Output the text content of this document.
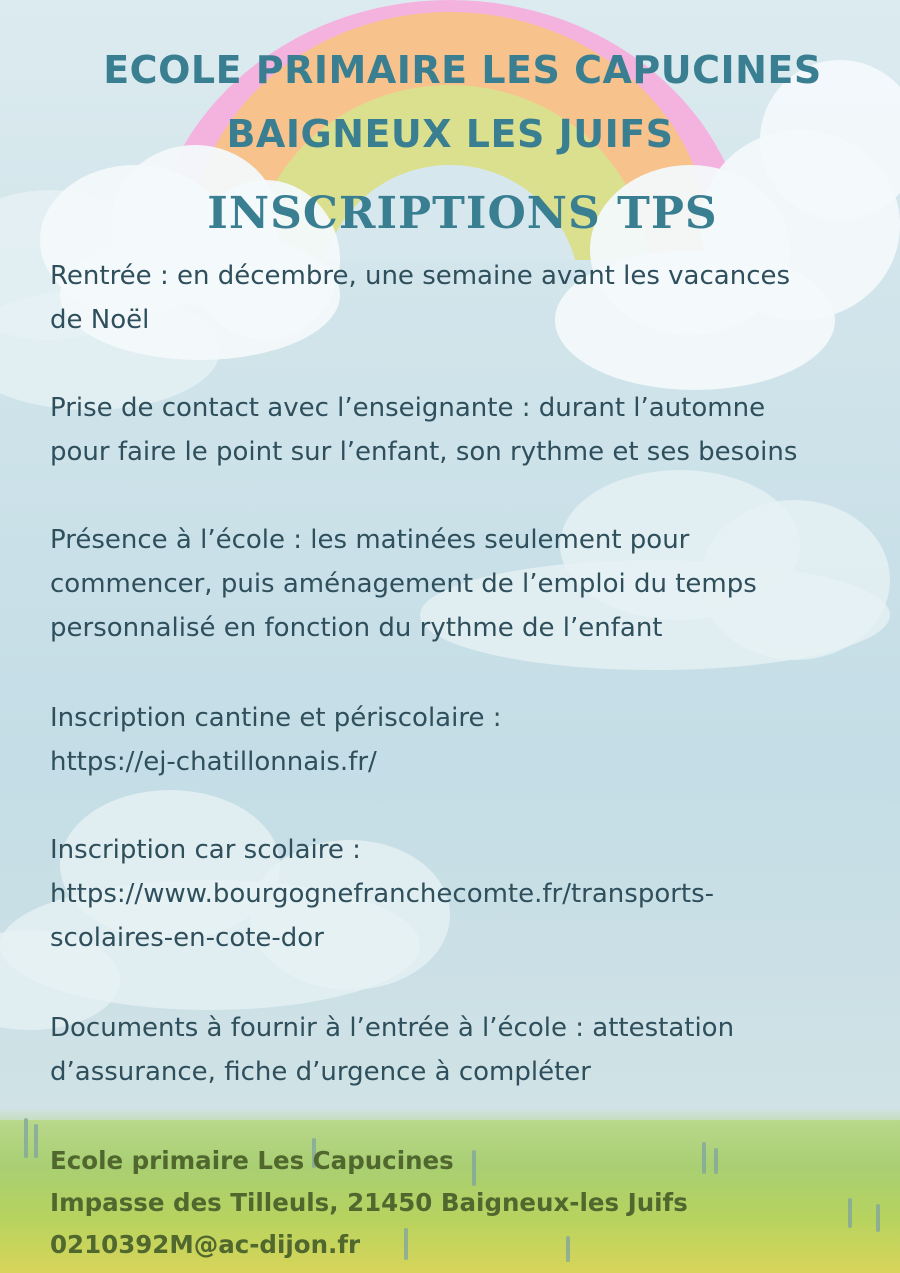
ECOLE PRIMAIRE LES CAPUCINES
BAIGNEUX LES JUIFS
INSCRIPTIONS TPS
Rentrée : en décembre, une semaine avant les vacances
de Noël
Prise de contact avec l’enseignante : durant l’automne
pour faire le point sur l’enfant, son rythme et ses besoins
Présence à l’école : les matinées seulement pour
commencer, puis aménagement de l’emploi du temps
personnalisé en fonction du rythme de l’enfant
Inscription cantine et périscolaire :
https://ej-chatillonnais.fr/
Inscription car scolaire :
https://www.bourgognefranchecomte.fr/transports-
scolaires-en-cote-dor
Documents à fournir à l’entrée à l’école : attestation
d’assurance, fiche d’urgence à compléter
Ecole primaire Les Capucines
Impasse des Tilleuls, 21450 Baigneux-les Juifs
0210392M@ac-dijon.fr
